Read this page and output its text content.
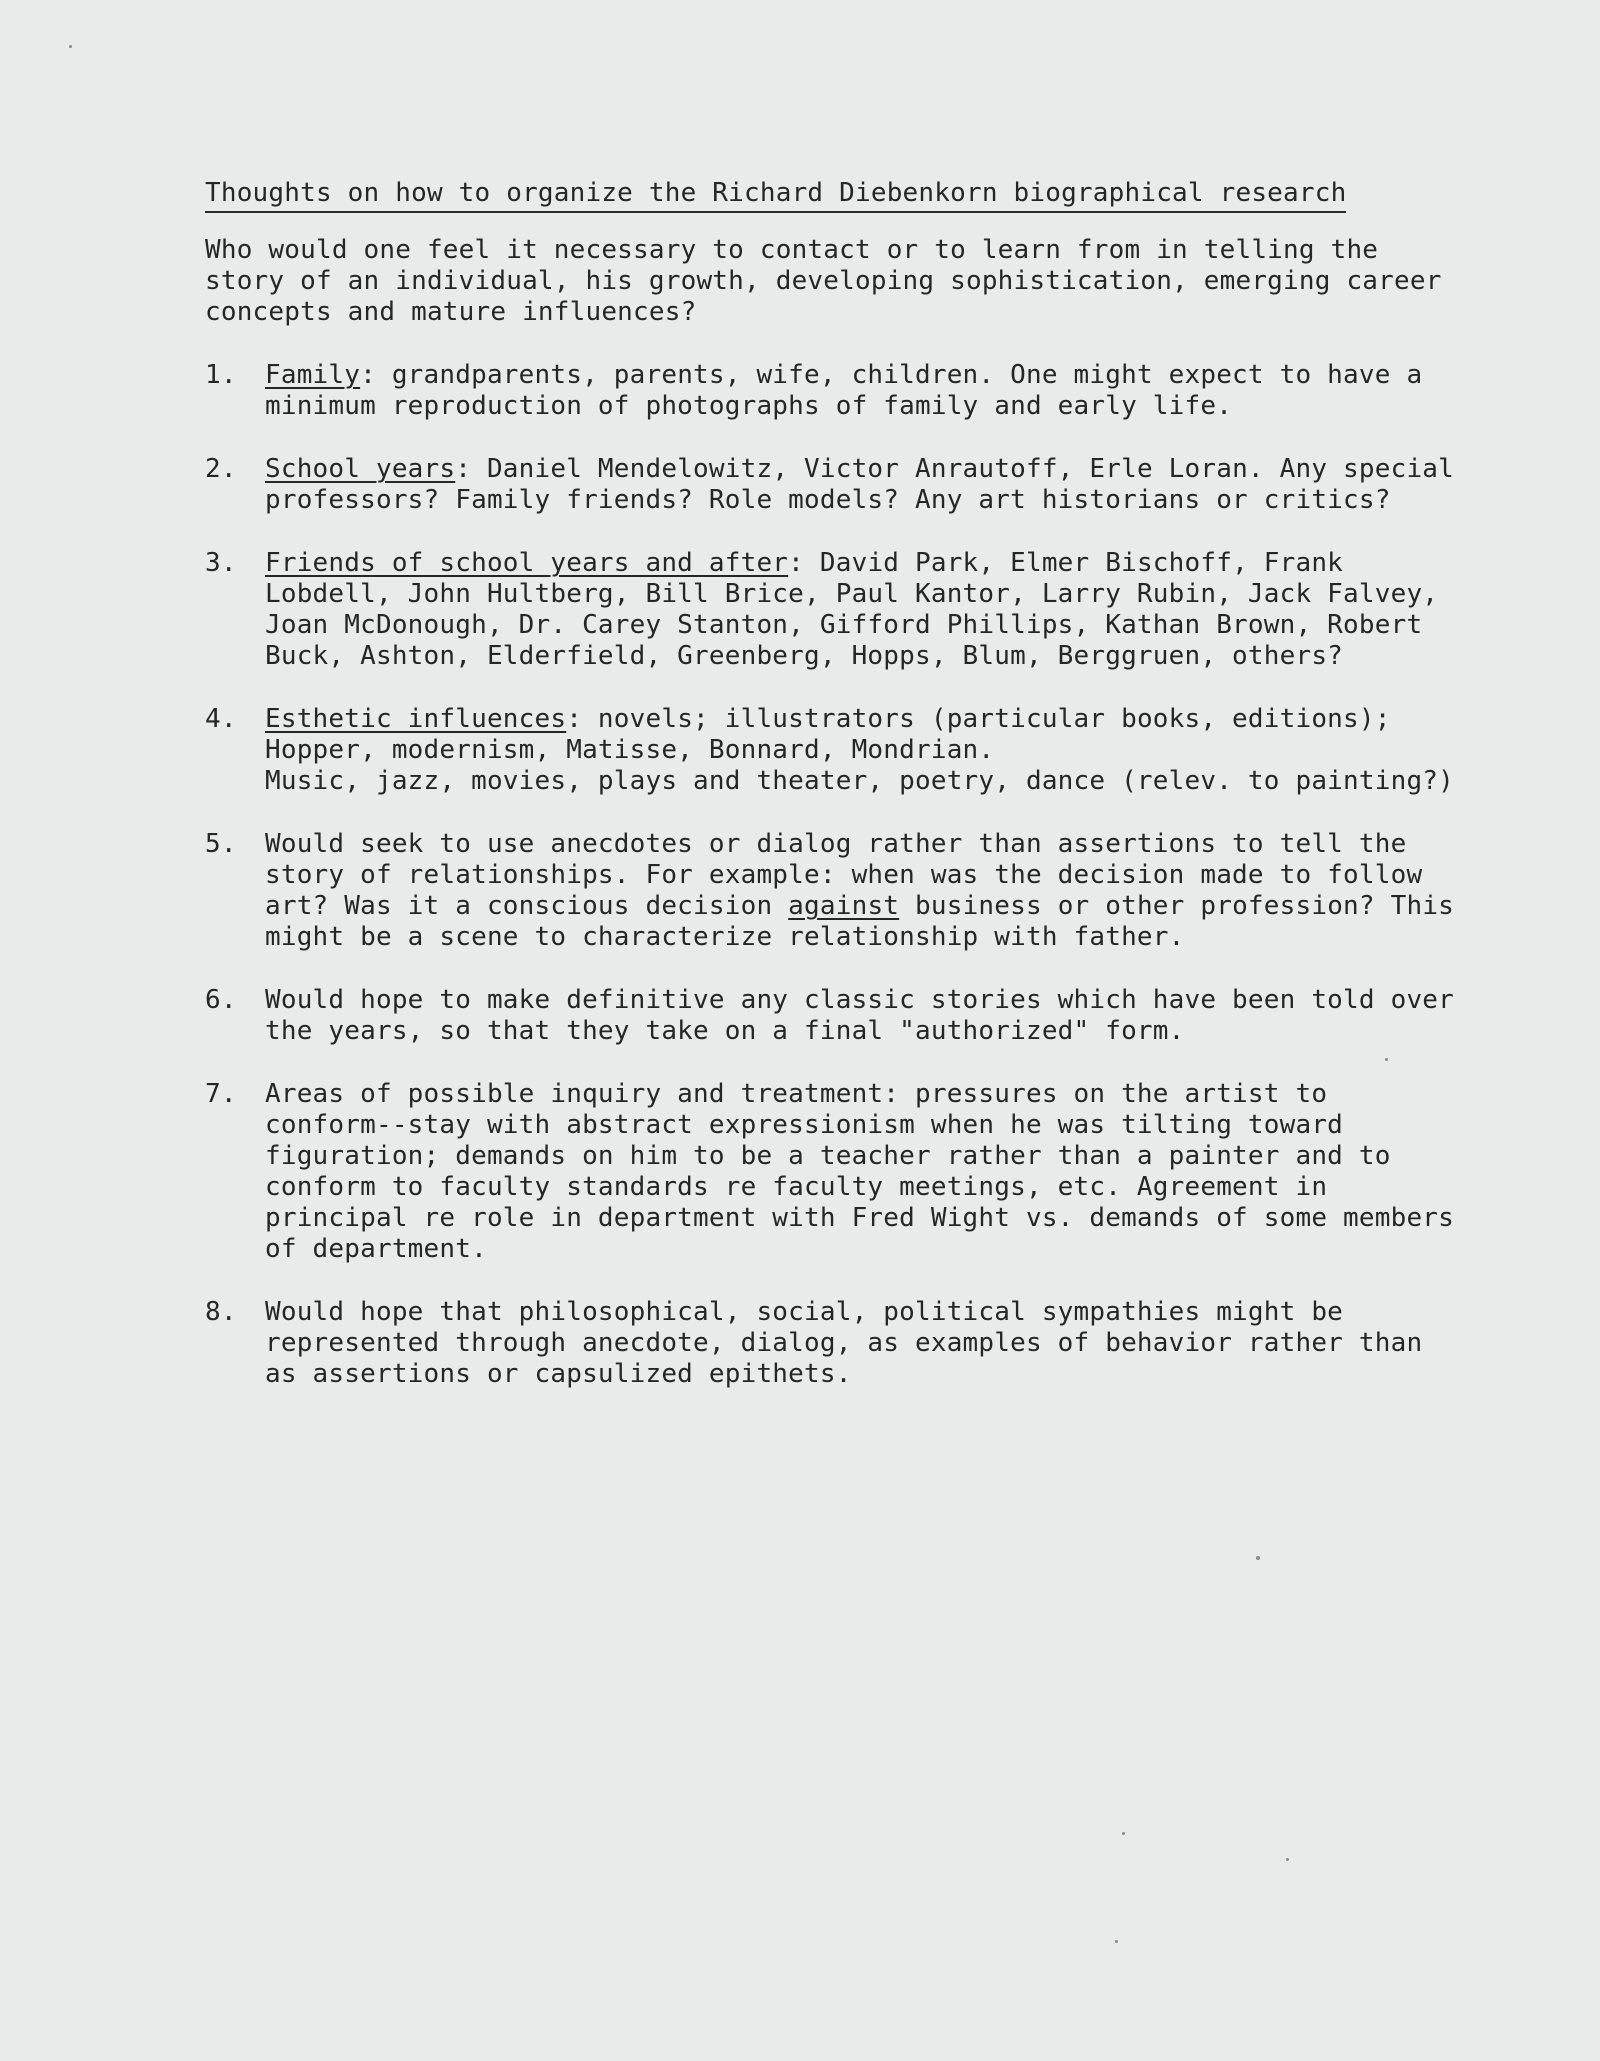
Thoughts on how to organize the Richard Diebenkorn biographical research
Who would one feel it necessary to contact or to learn from in telling the story of an individual, his growth, developing sophistication, emerging career concepts and mature influences?
1.	Family: grandparents, parents, wife, children. One might expect to have a minimum reproduction of photographs of family and early life.
2.	School years: Daniel Mendelowitz, Victor Anrautoff, Erle Loran. Any special professors? Family friends? Role models? Any art historians or critics?
3.	Friends of school years and after: David Park, Elmer Bischoff, Frank Lobdell, John Hultberg, Bill Brice, Paul Kantor, Larry Rubin, Jack Falvey, Joan McDonough, Dr. Carey Stanton, Gifford Phillips, Kathan Brown, Robert Buck, Ashton, Elderfield, Greenberg, Hopps, Blum, Berggruen, others?
4.	Esthetic influences: novels; illustrators (particular books, editions); Hopper, modernism, Matisse, Bonnard, Mondrian.
Music, jazz, movies, plays and theater, poetry, dance (relev. to painting?)
5.	Would seek to use anecdotes or dialog rather than assertions to tell the story of relationships. For example: when was the decision made to follow art? Was it a conscious decision against business or other profession? This might be a scene to characterize relationship with father.
6.	Would hope to make definitive any classic stories which have been told over the years, so that they take on a final "authorized" form.
7.	Areas of possible inquiry and treatment: pressures on the artist to conform--stay with abstract expressionism when he was tilting toward figuration; demands on him to be a teacher rather than a painter and to conform to faculty standards re faculty meetings, etc. Agreement in principal re role in department with Fred Wight vs. demands of some members of department.
8.	Would hope that philosophical, social, political sympathies might be represented through anecdote, dialog, as examples of behavior rather than as assertions or capsulized epithets.
